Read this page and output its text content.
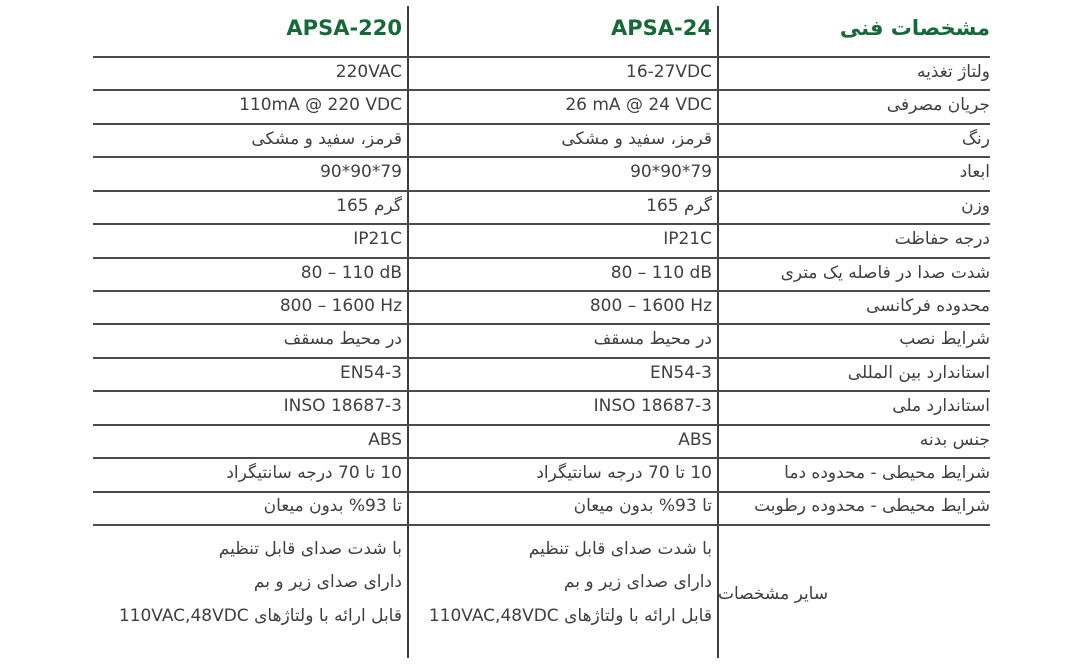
مشخصات فنی
ولتاژ تغذیه
جریان مصرفی
رنگ
ابعاد
وزن
درجه حفاظت
شدت صدا در فاصله یک متری
محدوده فرکانسی
شرایط نصب
استاندارد بین المللی
استاندارد ملی
جنس بدنه
شرایط محیطی - محدوده دما
شرایط محیطی - محدوده رطوبت
سایر مشخصات
APSA-24
16-27VDC
26 mA @ 24 VDC
قرمز، سفید و مشکی
90*90*79
165 گرم
IP21C
80 – 110 dB
800 – 1600 Hz
در محیط مسقف
EN54-3
INSO 18687-3
ABS
10 تا 70 درجه سانتیگراد
تا 93% بدون میعان
با شدت صدای قابل تنظیم
دارای صدای زیر و بم
قابل ارائه با ولتاژهای 110VAC,48VDC
APSA-220
220VAC
110mA @ 220 VDC
قرمز، سفید و مشکی
90*90*79
165 گرم
IP21C
80 – 110 dB
800 – 1600 Hz
در محیط مسقف
EN54-3
INSO 18687-3
ABS
10 تا 70 درجه سانتیگراد
تا 93% بدون میعان
با شدت صدای قابل تنظیم
دارای صدای زیر و بم
قابل ارائه با ولتاژهای 110VAC,48VDC
